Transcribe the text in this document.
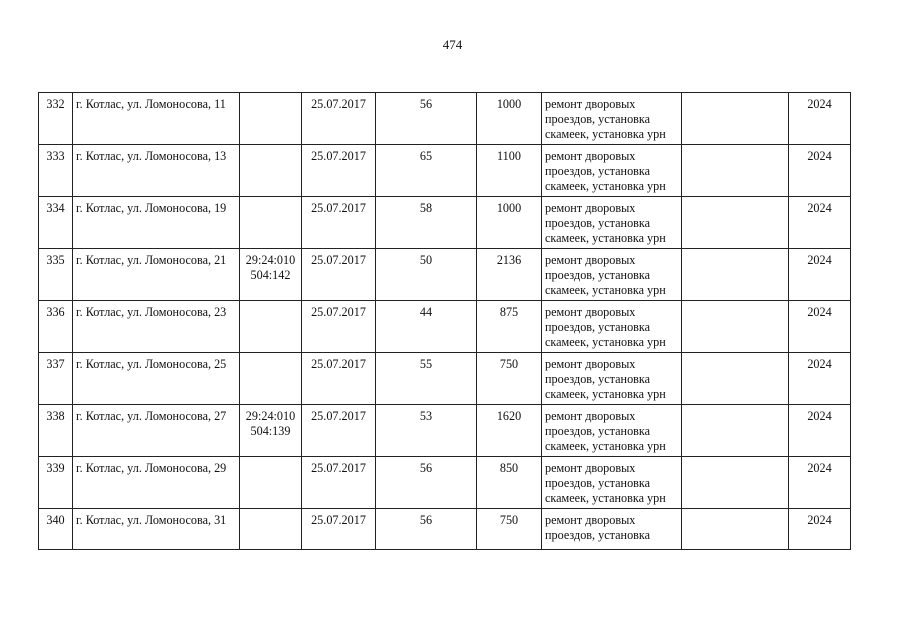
474
332	г. Котлас, ул. Ломоносова, 11		25.07.2017	56	1000	ремонт дворовых проездов, установка скамеек, установка урн		2024
333	г. Котлас, ул. Ломоносова, 13		25.07.2017	65	1100	ремонт дворовых проездов, установка скамеек, установка урн		2024
334	г. Котлас, ул. Ломоносова, 19		25.07.2017	58	1000	ремонт дворовых проездов, установка скамеек, установка урн		2024
335	г. Котлас, ул. Ломоносова, 21	29:24:010 504:142	25.07.2017	50	2136	ремонт дворовых проездов, установка скамеек, установка урн		2024
336	г. Котлас, ул. Ломоносова, 23		25.07.2017	44	875	ремонт дворовых проездов, установка скамеек, установка урн		2024
337	г. Котлас, ул. Ломоносова, 25		25.07.2017	55	750	ремонт дворовых проездов, установка скамеек, установка урн		2024
338	г. Котлас, ул. Ломоносова, 27	29:24:010 504:139	25.07.2017	53	1620	ремонт дворовых проездов, установка скамеек, установка урн		2024
339	г. Котлас, ул. Ломоносова, 29		25.07.2017	56	850	ремонт дворовых проездов, установка скамеек, установка урн		2024
340	г. Котлас, ул. Ломоносова, 31		25.07.2017	56	750	ремонт дворовых проездов, установка		2024
